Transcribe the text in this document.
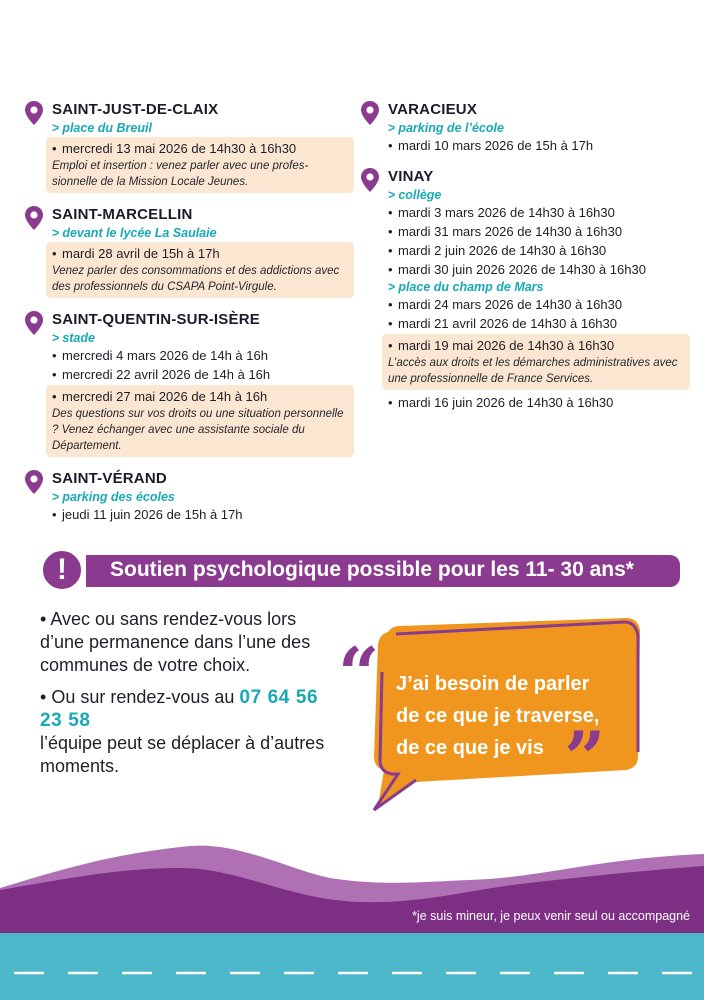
SAINT-JUST-DE-CLAIX
> place du Breuil
• mercredi 13 mai 2026 de 14h30 à 16h30
Emploi et insertion : venez parler avec une profes-sionnelle de la Mission Locale Jeunes.
SAINT-MARCELLIN
> devant le lycée La Saulaie
• mardi 28 avril de 15h à 17h
Venez parler des consommations et des addictions avec des professionnels du CSAPA Point-Virgule.
SAINT-QUENTIN-SUR-ISÈRE
> stade
• mercredi 4 mars 2026 de 14h à 16h
• mercredi 22 avril 2026 de 14h à 16h
• mercredi 27 mai 2026 de 14h à 16h
Des questions sur vos droits ou une situation personnelle ? Venez échanger avec une assistante sociale du Département.
SAINT-VÉRAND
> parking des écoles
• jeudi 11 juin 2026 de 15h à 17h
VARACIEUX
> parking de l’école
• mardi 10 mars 2026 de 15h à 17h
VINAY
> collège
• mardi 3 mars 2026 de 14h30 à 16h30
• mardi 31 mars 2026 de 14h30 à 16h30
• mardi 2 juin 2026 de 14h30 à 16h30
• mardi 30 juin 2026 2026 de 14h30 à 16h30
> place du champ de Mars
• mardi 24 mars 2026 de 14h30 à 16h30
• mardi 21 avril 2026 de 14h30 à 16h30
• mardi 19 mai 2026 de 14h30 à 16h30
L’accès aux droits et les démarches administratives avec une professionnelle de France Services.
• mardi 16 juin 2026 de 14h30 à 16h30
!	Soutien psychologique possible pour les 11- 30 ans*

• Avec ou sans rendez-vous lors d’une permanence dans l’une des communes de votre choix.

• Ou sur rendez-vous au 07 64 56 23 58
l’équipe peut se déplacer à d’autres moments.

“ J’ai besoin de parler
de ce que je traverse,
de ce que je vis ”
*je suis mineur, je peux venir seul ou accompagné
